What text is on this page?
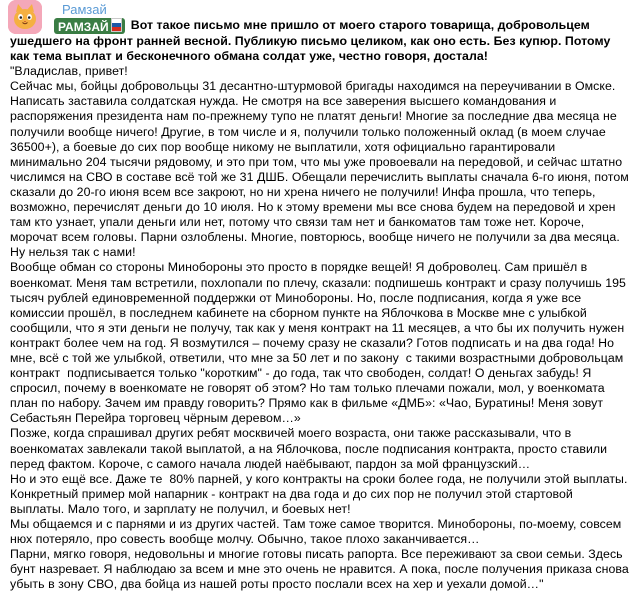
Рамзай
РАМЗАЙ Вот такое письмо мне пришло от моего старого товарища, добровольцем ушедшего на фронт ранней весной. Публикую письмо целиком, как оно есть. Без купюр. Потому как тема выплат и бесконечного обмана солдат уже, честно говоря, достала!
"Владислав, привет!
Сейчас мы, бойцы добровольцы 31 десантно-штурмовой бригады находимся на переучивании в Омске. Написать заставила солдатская нужда. Не смотря на все заверения высшего командования и распоряжения президента нам по-прежнему тупо не платят деньги! Многие за последние два месяца не получили вообще ничего! Другие, в том числе и я, получили только положенный оклад (в моем случае 36500+), а боевые до сих пор вообще никому не выплатили, хотя официально гарантировали минимально 204 тысячи рядовому, и это при том, что мы уже провоевали на передовой, и сейчас штатно числимся на СВО в составе всё той же 31 ДШБ. Обещали перечислить выплаты сначала 6-го июня, потом сказали до 20-го июня всем все закроют, но ни хрена ничего не получили! Инфа прошла, что теперь, возможно, перечислят деньги до 10 июля. Но к этому времени мы все снова будем на передовой и хрен там кто узнает, упали деньги или нет, потому что связи там нет и банкоматов там тоже нет. Короче, морочат всем головы. Парни озлоблены. Многие, повторюсь, вообще ничего не получили за два месяца. Ну нельзя так с нами!
Вообще обман со стороны Минобороны это просто в порядке вещей! Я доброволец. Сам пришёл в военкомат. Меня там встретили, похлопали по плечу, сказали: подпишешь контракт и сразу получишь 195 тысяч рублей единовременной поддержки от Минобороны. Но, после подписания, когда я уже все комиссии прошёл, в последнем кабинете на сборном пункте на Яблочкова в Москве мне с улыбкой сообщили, что я эти деньги не получу, так как у меня контракт на 11 месяцев, а что бы их получить нужен контракт более чем на год. Я возмутился – почему сразу не сказали? Готов подписать и на два года! Но мне, всё с той же улыбкой, ответили, что мне за 50 лет и по закону  с такими возрастными добровольцам контракт  подписывается только "коротким" - до года, так что свободен, солдат! О деньгах забудь! Я спросил, почему в военкомате не говорят об этом? Но там только плечами пожали, мол, у военкомата план по набору. Зачем им правду говорить? Прямо как в фильме «ДМБ»: «Чао, Буратины! Меня зовут Себастьян Перейра торговец чёрным деревом…»
Позже, когда спрашивал других ребят москвичей моего возраста, они также рассказывали, что в военкоматах завлекали такой выплатой, а на Яблочкова, после подписания контракта, просто ставили перед фактом. Короче, с самого начала людей наёбывают, пардон за мой французский…
Но и это ещё все. Даже те  80% парней, у кого контракты на сроки более года, не получили этой выплаты. Конкретный пример мой напарник - контракт на два года и до сих пор не получил этой стартовой выплаты. Мало того, и зарплату не получил, и боевых нет!
Мы общаемся и с парнями и из других частей. Там тоже самое творится. Минобороны, по-моему, совсем нюх потеряло, про совесть вообще молчу. Обычно, такое плохо заканчивается…
Парни, мягко говоря, недовольны и многие готовы писать рапорта. Все переживают за свои семьи. Здесь бунт назревает. Я наблюдаю за всем и мне это очень не нравится. А пока, после получения приказа снова убыть в зону СВО, два бойца из нашей роты просто послали всех на хер и уехали домой…"
